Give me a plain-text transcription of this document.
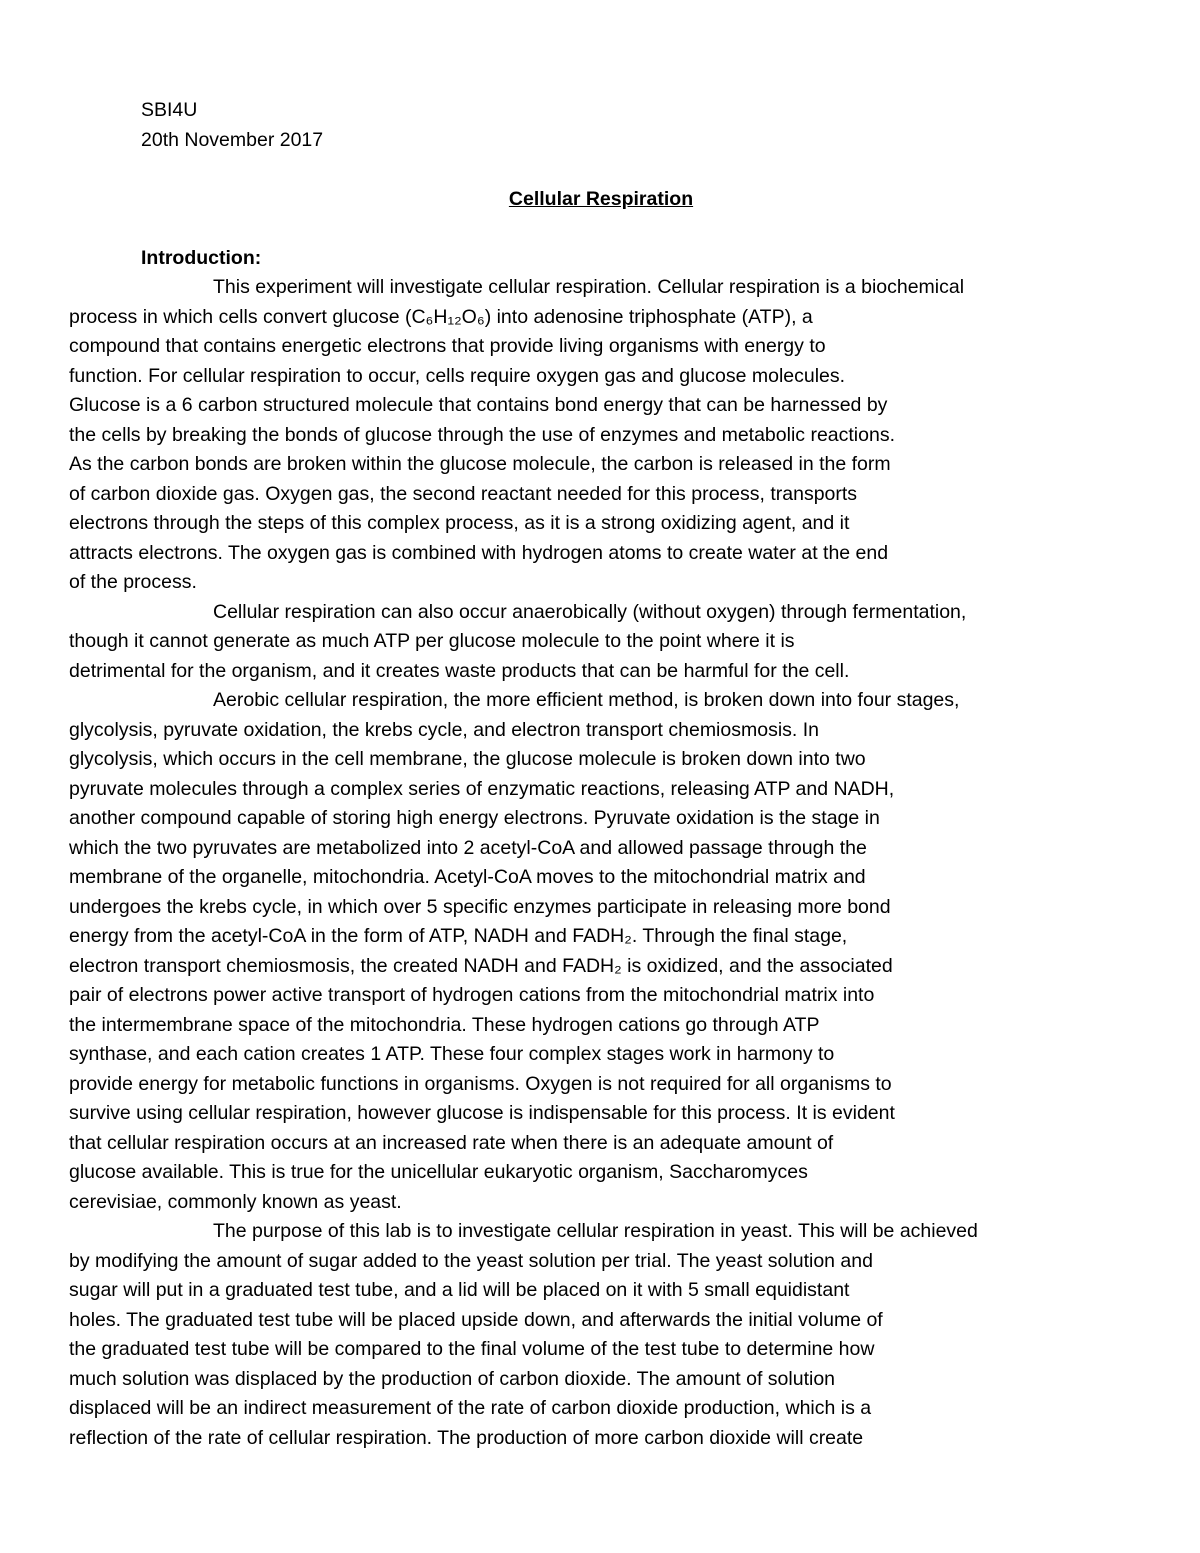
SBI4U

20th November 2017

Cellular Respiration

Introduction:

This experiment will investigate cellular respiration. Cellular respiration is a biochemical
process in which cells convert glucose (C₆H₁₂O₆) into adenosine triphosphate (ATP), a
compound that contains energetic electrons that provide living organisms with energy to
function. For cellular respiration to occur, cells require oxygen gas and glucose molecules.
Glucose is a 6 carbon structured molecule that contains bond energy that can be harnessed by
the cells by breaking the bonds of glucose through the use of enzymes and metabolic reactions.
As the carbon bonds are broken within the glucose molecule, the carbon is released in the form
of carbon dioxide gas. Oxygen gas, the second reactant needed for this process, transports
electrons through the steps of this complex process, as it is a strong oxidizing agent, and it
attracts electrons. The oxygen gas is combined with hydrogen atoms to create water at the end
of the process.

Cellular respiration can also occur anaerobically (without oxygen) through fermentation,
though it cannot generate as much ATP per glucose molecule to the point where it is
detrimental for the organism, and it creates waste products that can be harmful for the cell.

Aerobic cellular respiration, the more efficient method, is broken down into four stages,
glycolysis, pyruvate oxidation, the krebs cycle, and electron transport chemiosmosis. In
glycolysis, which occurs in the cell membrane, the glucose molecule is broken down into two
pyruvate molecules through a complex series of enzymatic reactions, releasing ATP and NADH,
another compound capable of storing high energy electrons. Pyruvate oxidation is the stage in
which the two pyruvates are metabolized into 2 acetyl-CoA and allowed passage through the
membrane of the organelle, mitochondria. Acetyl-CoA moves to the mitochondrial matrix and
undergoes the krebs cycle, in which over 5 specific enzymes participate in releasing more bond
energy from the acetyl-CoA in the form of ATP, NADH and FADH₂. Through the final stage,
electron transport chemiosmosis, the created NADH and FADH₂ is oxidized, and the associated
pair of electrons power active transport of hydrogen cations from the mitochondrial matrix into
the intermembrane space of the mitochondria. These hydrogen cations go through ATP
synthase, and each cation creates 1 ATP. These four complex stages work in harmony to
provide energy for metabolic functions in organisms. Oxygen is not required for all organisms to
survive using cellular respiration, however glucose is indispensable for this process. It is evident
that cellular respiration occurs at an increased rate when there is an adequate amount of
glucose available. This is true for the unicellular eukaryotic organism, Saccharomyces
cerevisiae, commonly known as yeast.

The purpose of this lab is to investigate cellular respiration in yeast. This will be achieved
by modifying the amount of sugar added to the yeast solution per trial. The yeast solution and
sugar will put in a graduated test tube, and a lid will be placed on it with 5 small equidistant
holes. The graduated test tube will be placed upside down, and afterwards the initial volume of
the graduated test tube will be compared to the final volume of the test tube to determine how
much solution was displaced by the production of carbon dioxide. The amount of solution
displaced will be an indirect measurement of the rate of carbon dioxide production, which is a
reflection of the rate of cellular respiration. The production of more carbon dioxide will create
